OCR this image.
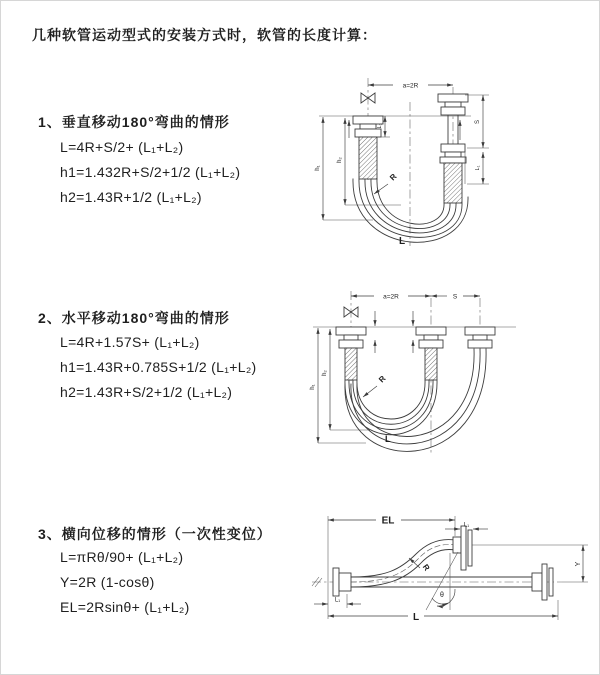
几种软管运动型式的安装方式时，软管的长度计算：
1、垂直移动180°弯曲的情形
L=4R+S/2+ (L₁+L₂)
h1=1.432R+S/2+1/2 (L₁+L₂)
h2=1.43R+1/2 (L₁+L₂)
2、水平移动180°弯曲的情形
L=4R+1.57S+ (L₁+L₂)
h1=1.43R+0.785S+1/2 (L₁+L₂)
h2=1.43R+S/2+1/2 (L₁+L₂)
3、横向位移的情形（一次性变位）
L=πRθ/90+ (L₁+L₂)
Y=2R (1-cosθ)
EL=2Rsinθ+ (L₁+L₂)
a=2R
L₁
S
L₁
h₁
h₂
R
L
a=2R	S
h₁
h₂
R
L
EL	L₁
Y
L
L₁
θ
R
